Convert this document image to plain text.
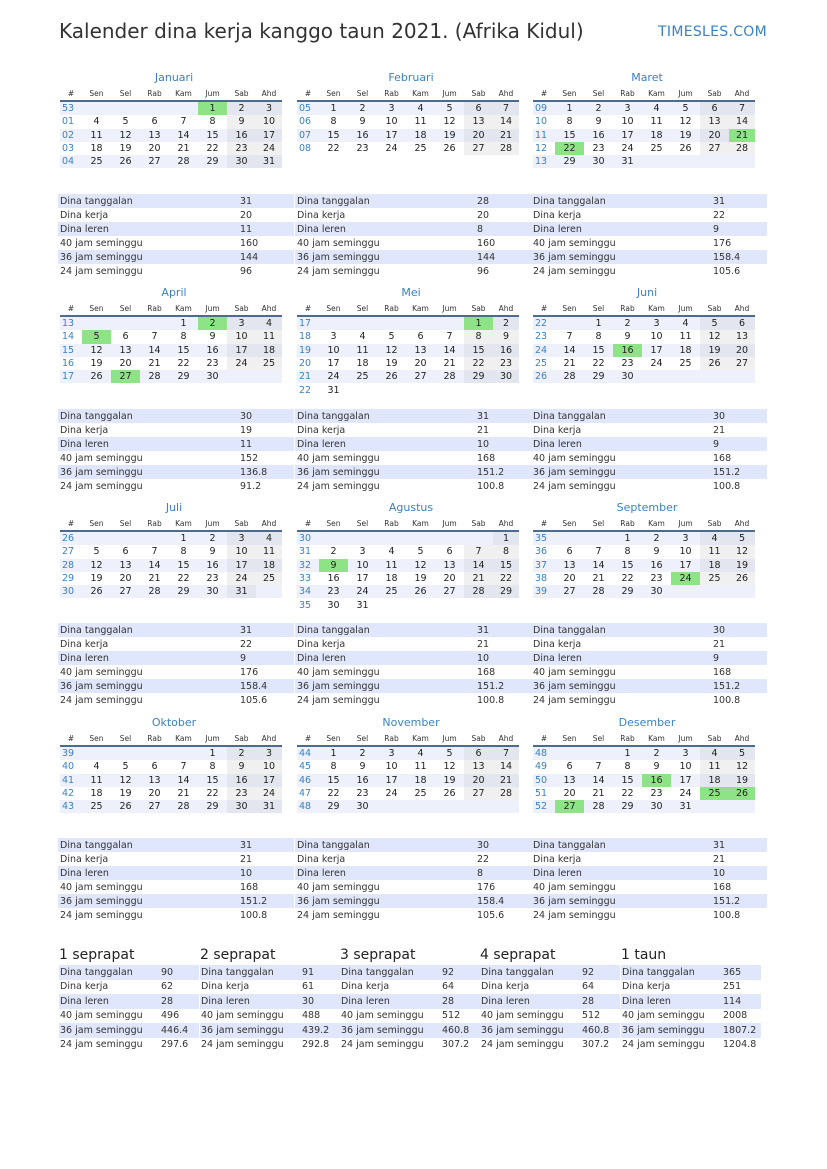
Kalender dina kerja kanggo taun 2021. (Afrika Kidul)	TIMESLES.COM
Januari
#	Sen	Sel	Rab	Kam	Jum	Sab	Ahd
53					1	2	3
01	4	5	6	7	8	9	10
02	11	12	13	14	15	16	17
03	18	19	20	21	22	23	24
04	25	26	27	28	29	30	31
Dina tanggalan	31
Dina kerja	20
Dina leren	11
40 jam seminggu	160
36 jam seminggu	144
24 jam seminggu	96
Februari
#	Sen	Sel	Rab	Kam	Jum	Sab	Ahd
05	1	2	3	4	5	6	7
06	8	9	10	11	12	13	14
07	15	16	17	18	19	20	21
08	22	23	24	25	26	27	28
Dina tanggalan	28
Dina kerja	20
Dina leren	8
40 jam seminggu	160
36 jam seminggu	144
24 jam seminggu	96
Maret
#	Sen	Sel	Rab	Kam	Jum	Sab	Ahd
09	1	2	3	4	5	6	7
10	8	9	10	11	12	13	14
11	15	16	17	18	19	20	21
12	22	23	24	25	26	27	28
13	29	30	31				
Dina tanggalan	31
Dina kerja	22
Dina leren	9
40 jam seminggu	176
36 jam seminggu	158.4
24 jam seminggu	105.6
April
#	Sen	Sel	Rab	Kam	Jum	Sab	Ahd
13				1	2	3	4
14	5	6	7	8	9	10	11
15	12	13	14	15	16	17	18
16	19	20	21	22	23	24	25
17	26	27	28	29	30		
Dina tanggalan	30
Dina kerja	19
Dina leren	11
40 jam seminggu	152
36 jam seminggu	136.8
24 jam seminggu	91.2
Mei
#	Sen	Sel	Rab	Kam	Jum	Sab	Ahd
17						1	2
18	3	4	5	6	7	8	9
19	10	11	12	13	14	15	16
20	17	18	19	20	21	22	23
21	24	25	26	27	28	29	30
22	31						
Dina tanggalan	31
Dina kerja	21
Dina leren	10
40 jam seminggu	168
36 jam seminggu	151.2
24 jam seminggu	100.8
Juni
#	Sen	Sel	Rab	Kam	Jum	Sab	Ahd
22		1	2	3	4	5	6
23	7	8	9	10	11	12	13
24	14	15	16	17	18	19	20
25	21	22	23	24	25	26	27
26	28	29	30				
Dina tanggalan	30
Dina kerja	21
Dina leren	9
40 jam seminggu	168
36 jam seminggu	151.2
24 jam seminggu	100.8
Juli
#	Sen	Sel	Rab	Kam	Jum	Sab	Ahd
26				1	2	3	4
27	5	6	7	8	9	10	11
28	12	13	14	15	16	17	18
29	19	20	21	22	23	24	25
30	26	27	28	29	30	31	
Dina tanggalan	31
Dina kerja	22
Dina leren	9
40 jam seminggu	176
36 jam seminggu	158.4
24 jam seminggu	105.6
Agustus
#	Sen	Sel	Rab	Kam	Jum	Sab	Ahd
30							1
31	2	3	4	5	6	7	8
32	9	10	11	12	13	14	15
33	16	17	18	19	20	21	22
34	23	24	25	26	27	28	29
35	30	31					
Dina tanggalan	31
Dina kerja	21
Dina leren	10
40 jam seminggu	168
36 jam seminggu	151.2
24 jam seminggu	100.8
September
#	Sen	Sel	Rab	Kam	Jum	Sab	Ahd
35			1	2	3	4	5
36	6	7	8	9	10	11	12
37	13	14	15	16	17	18	19
38	20	21	22	23	24	25	26
39	27	28	29	30			
Dina tanggalan	30
Dina kerja	21
Dina leren	9
40 jam seminggu	168
36 jam seminggu	151.2
24 jam seminggu	100.8
Oktober
#	Sen	Sel	Rab	Kam	Jum	Sab	Ahd
39					1	2	3
40	4	5	6	7	8	9	10
41	11	12	13	14	15	16	17
42	18	19	20	21	22	23	24
43	25	26	27	28	29	30	31
Dina tanggalan	31
Dina kerja	21
Dina leren	10
40 jam seminggu	168
36 jam seminggu	151.2
24 jam seminggu	100.8
November
#	Sen	Sel	Rab	Kam	Jum	Sab	Ahd
44	1	2	3	4	5	6	7
45	8	9	10	11	12	13	14
46	15	16	17	18	19	20	21
47	22	23	24	25	26	27	28
48	29	30					
Dina tanggalan	30
Dina kerja	22
Dina leren	8
40 jam seminggu	176
36 jam seminggu	158.4
24 jam seminggu	105.6
Desember
#	Sen	Sel	Rab	Kam	Jum	Sab	Ahd
48			1	2	3	4	5
49	6	7	8	9	10	11	12
50	13	14	15	16	17	18	19
51	20	21	22	23	24	25	26
52	27	28	29	30	31		
Dina tanggalan	31
Dina kerja	21
Dina leren	10
40 jam seminggu	168
36 jam seminggu	151.2
24 jam seminggu	100.8
1 seprapat
Dina tanggalan	90
Dina kerja	62
Dina leren	28
40 jam seminggu	496
36 jam seminggu	446.4
24 jam seminggu	297.6
2 seprapat
Dina tanggalan	91
Dina kerja	61
Dina leren	30
40 jam seminggu	488
36 jam seminggu	439.2
24 jam seminggu	292.8
3 seprapat
Dina tanggalan	92
Dina kerja	64
Dina leren	28
40 jam seminggu	512
36 jam seminggu	460.8
24 jam seminggu	307.2
4 seprapat
Dina tanggalan	92
Dina kerja	64
Dina leren	28
40 jam seminggu	512
36 jam seminggu	460.8
24 jam seminggu	307.2
1 taun
Dina tanggalan	365
Dina kerja	251
Dina leren	114
40 jam seminggu	2008
36 jam seminggu	1807.2
24 jam seminggu	1204.8
